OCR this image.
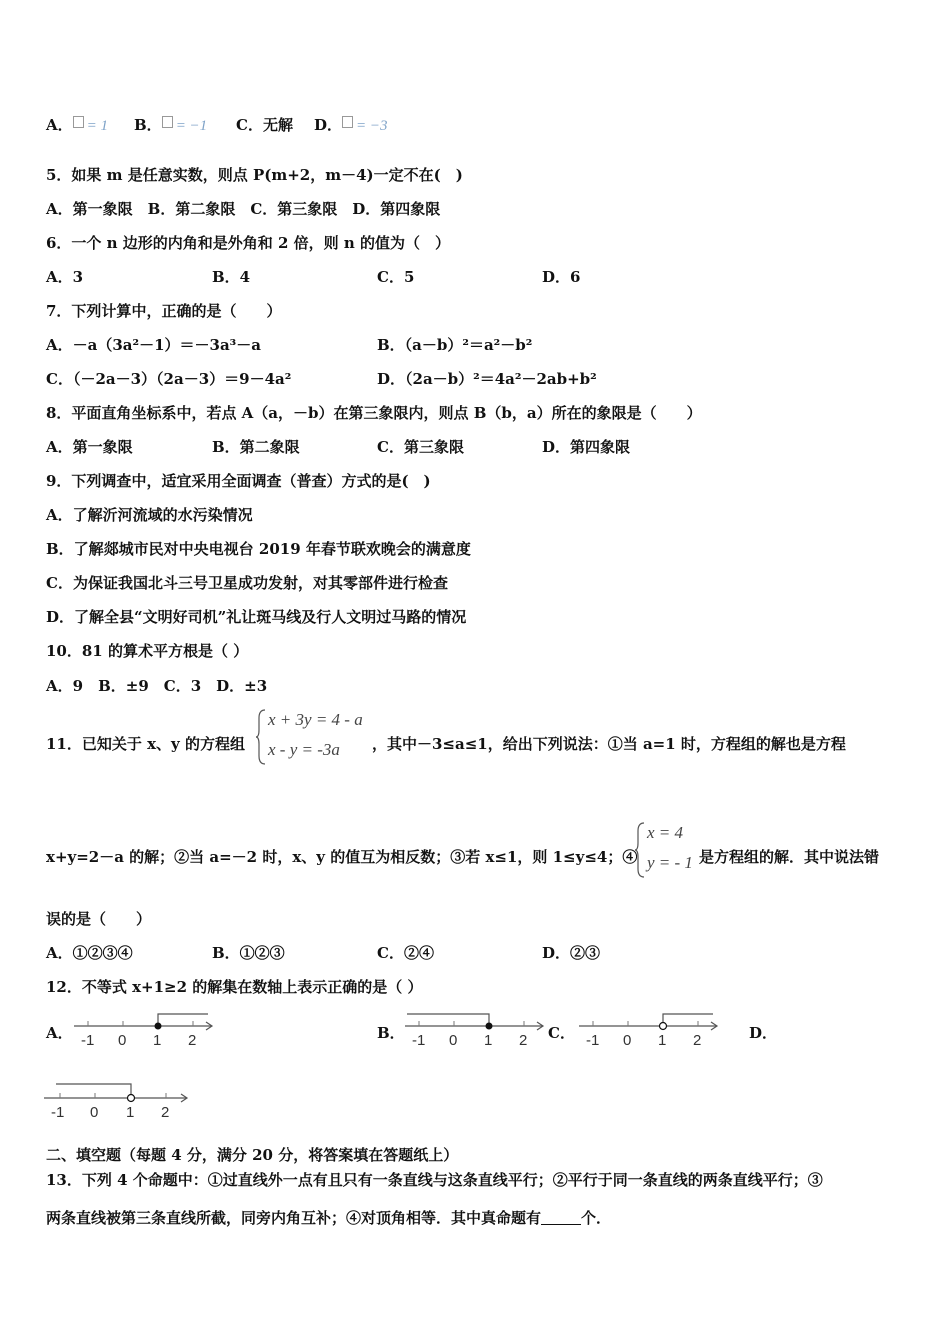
A． = 1 B． = −1 C．无解 D． = −3
5．如果 m 是任意实数，则点 P(m+2，m－4)一定不在(　)
A．第一象限　B．第二象限　C．第三象限　D．第四象限
6．一个 n 边形的内角和是外角和 2 倍，则 n 的值为（　）
A．3	B．4	C．5	D．6
7．下列计算中，正确的是（　　）
A．－a（3a²－1）＝－3a³－a	B．（a－b）²＝a²－b²
C．（－2a－3）（2a－3）＝9－4a²	D．（2a－b）²＝4a²－2ab+b²
8．平面直角坐标系中，若点 A（a，－b）在第三象限内，则点 B（b，a）所在的象限是（　　）
A．第一象限	B．第二象限	C．第三象限	D．第四象限
9．下列调查中，适宜采用全面调查（普查）方式的是(　)
A．了解沂河流域的水污染情况
B．了解郯城市民对中央电视台 2019 年春节联欢晚会的满意度
C．为保证我国北斗三号卫星成功发射，对其零部件进行检查
D．了解全县“文明好司机”礼让斑马线及行人文明过马路的情况
10．81 的算术平方根是（ ）
A．9　B．±9　C．3　D．±3
11．已知关于 x、y 的方程组
x + 3y = 4 - a
x - y = -3a ，其中－3≤a≤1，给出下列说法：①当 a=1 时，方程组的解也是方程
x+y=2－a 的解；②当 a=－2 时，x、y 的值互为相反数；③若 x≤1，则 1≤y≤4；④
x = 4
y = - 1 是方程组的解．其中说法错
误的是（　　）
A．①②③④	B．①②③	C．②④	D．②③
12．不等式 x+1≥2 的解集在数轴上表示正确的是（ ）
A． -1 0 1 2	B． -1 0 1 2 C． -1 0 1 2	D．
-1 0 1 2
二、填空题（每题 4 分，满分 20 分，将答案填在答题纸上）
13．下列 4 个命题中：①过直线外一点有且只有一条直线与这条直线平行；②平行于同一条直线的两条直线平行；③
两条直线被第三条直线所截，同旁内角互补；④对顶角相等．其中真命题有	个．
